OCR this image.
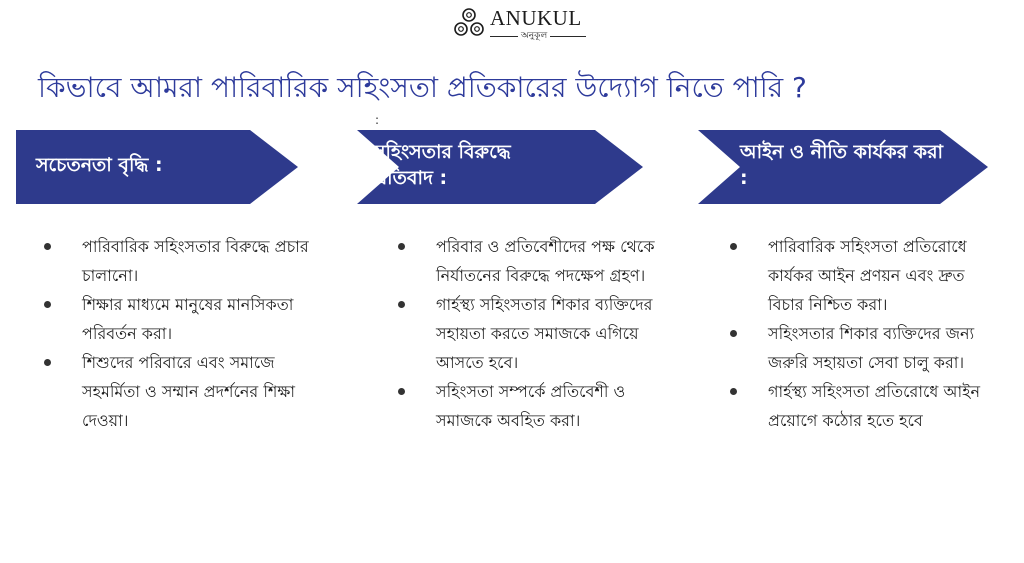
ANUKUL
অনুকূল
কিভাবে আমরা পারিবারিক সহিংসতা প্রতিকারের উদ্যোগ নিতে পারি ?
:
সচেতনতা বৃদ্ধি :
সহিংসতার বিরুদ্ধে প্রতিবাদ :
আইন ও নীতি কার্যকর করা :
পারিবারিক সহিংসতার বিরুদ্ধে প্রচার চালানো।
শিক্ষার মাধ্যমে মানুষের মানসিকতা পরিবর্তন করা।
শিশুদের পরিবারে এবং সমাজে সহমর্মিতা ও সম্মান প্রদর্শনের শিক্ষা দেওয়া।
পরিবার ও প্রতিবেশীদের পক্ষ থেকে নির্যাতনের বিরুদ্ধে পদক্ষেপ গ্রহণ।
গার্হস্থ্য সহিংসতার শিকার ব্যক্তিদের সহায়তা করতে সমাজকে এগিয়ে আসতে হবে।
সহিংসতা সম্পর্কে প্রতিবেশী ও সমাজকে অবহিত করা।
পারিবারিক সহিংসতা প্রতিরোধে কার্যকর আইন প্রণয়ন এবং দ্রুত বিচার নিশ্চিত করা।
সহিংসতার শিকার ব্যক্তিদের জন্য জরুরি সহায়তা সেবা চালু করা।
গার্হস্থ্য সহিংসতা প্রতিরোধে আইন প্রয়োগে কঠোর হতে হবে
